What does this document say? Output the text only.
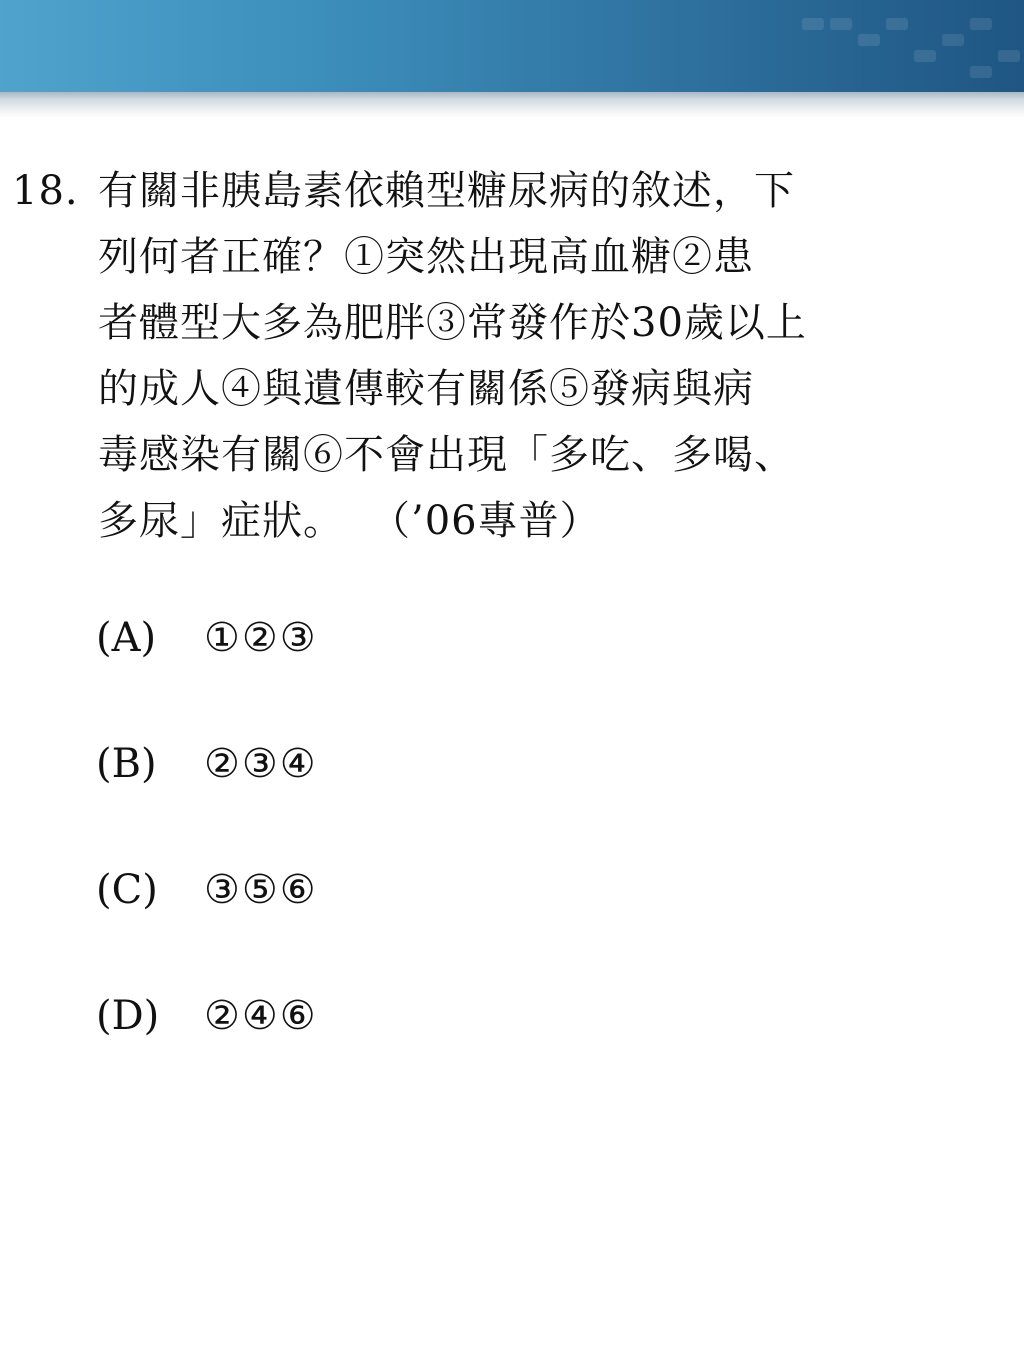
18. 有關非胰島素依賴型糖尿病的敘述，下
列何者正確？①突然出現高血糖②患
者體型大多為肥胖③常發作於30歲以上
的成人④與遺傳較有關係⑤發病與病
毒感染有關⑥不會出現「多吃、多喝、
多尿」症狀。 （’06專普）
(A)	①②③
(B)	②③④
(C)	③⑤⑥
(D)	②④⑥
